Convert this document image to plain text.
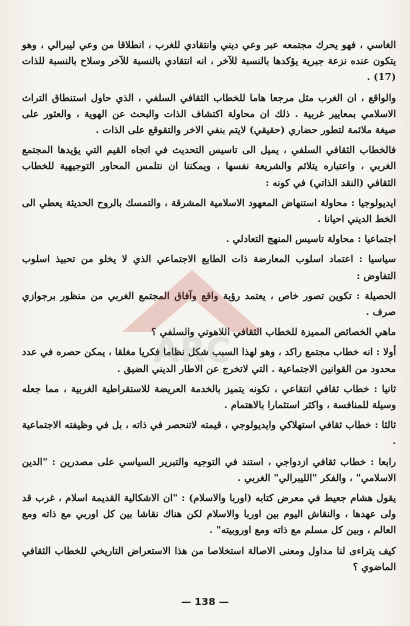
الغاسي ، فهو يحرك مجتمعه عبر وعي ديني وانتقادي للغرب ، انطلاقا من وعي ليبرالي ، وهو يتكون عنده نزعة جبرية يؤكدها بالنسبة للآخر ، انه انتقادي بالنسبة للآخر وسلاح بالنسبة للذات (17) .

والواقع ، ان الغرب مثل مرجعا هاما للخطاب الثقافي السلفي ، الذي حاول استنطاق التراث الاسلامي بمعايير غربية . ذلك ان محاولة اكتشاف الذات والبحث عن الهوية ، والعثور على صيغة ملائمة لتطور حضاري (حقيقي) لايتم بنفي الاخر والتقوقع على الذات .

فالخطاب الثقافي السلفي ، يميل الى تاسيس التحديث في اتجاه القيم التي يؤيدها المجتمع الغربي ، واعتباره يتلائم والشريعة نفسها ، ويمكننا ان نتلمس المحاور التوجيهية للخطاب الثقافي (النقد الذاتي) في كونه :

ايديولوجيا : محاولة استنهاض المعهود الاسلامية المشرقة ، والتمسك بالروح الحديثة يعطي الى الخط الديني احيانا .

اجتماعيا : محاولة تاسيس المنهج التعادلي .

سياسيا : اعتماد اسلوب المعارضة ذات الطابع الاجتماعي الذي لا يخلو من تحبيذ اسلوب التفاوض :

الحصيلة : تكوين تصور خاص ، يعتمد رؤية واقع وآفاق المجتمع الغربي من منظور برجوازي صرف .

ماهي الخصائص المميزة للخطاب الثقافي اللاهوتي والسلفي ؟

أولا : انه خطاب مجتمع راكد ، وهو لهذا السبب شكل نظاما فكريا مغلقا ، يمكن حصره في عدد محدود من القوانين الاجتماعية . التي لاتخرج عن الاطار الديني الضيق .

ثانيا : خطاب ثقافي انتقاعي ، تكونه يتميز بالخدمة العريضة للاستقراطية الغربية ، مما جعله وسيلة للمنافسة ، واكثر استثمارا بالاهتمام .

ثالثا : خطاب ثقافي استهلاكي وايديولوجي ، قيمته لاتنحصر في ذاته ، بل في وظيفته الاجتماعية .

رابعا : خطاب ثقافي ازدواجي ، استند في التوجيه والتبرير السياسي على مصدرين : "الدين الاسلامي" ، والفكر "الليبرالي" الغربي .

يقول هشام جعيط في معرض كتابه (اوربا والاسلام) : "ان الاشكالية القديمة اسلام ، غرب قد ولى عهدها ، والنقاش اليوم بين اوربا والاسلام لكن هناك نقاشا بين كل اوربي مع ذاته ومع العالم ، وبين كل مسلم مع ذاته ومع اوروبيته" .

كيف يتراءى لنا مداول ومعنى الاصالة استخلاصا من هذا الاستعراض التاريخي للخطاب الثقافي الماضوي ؟

ARC
— 138 —
